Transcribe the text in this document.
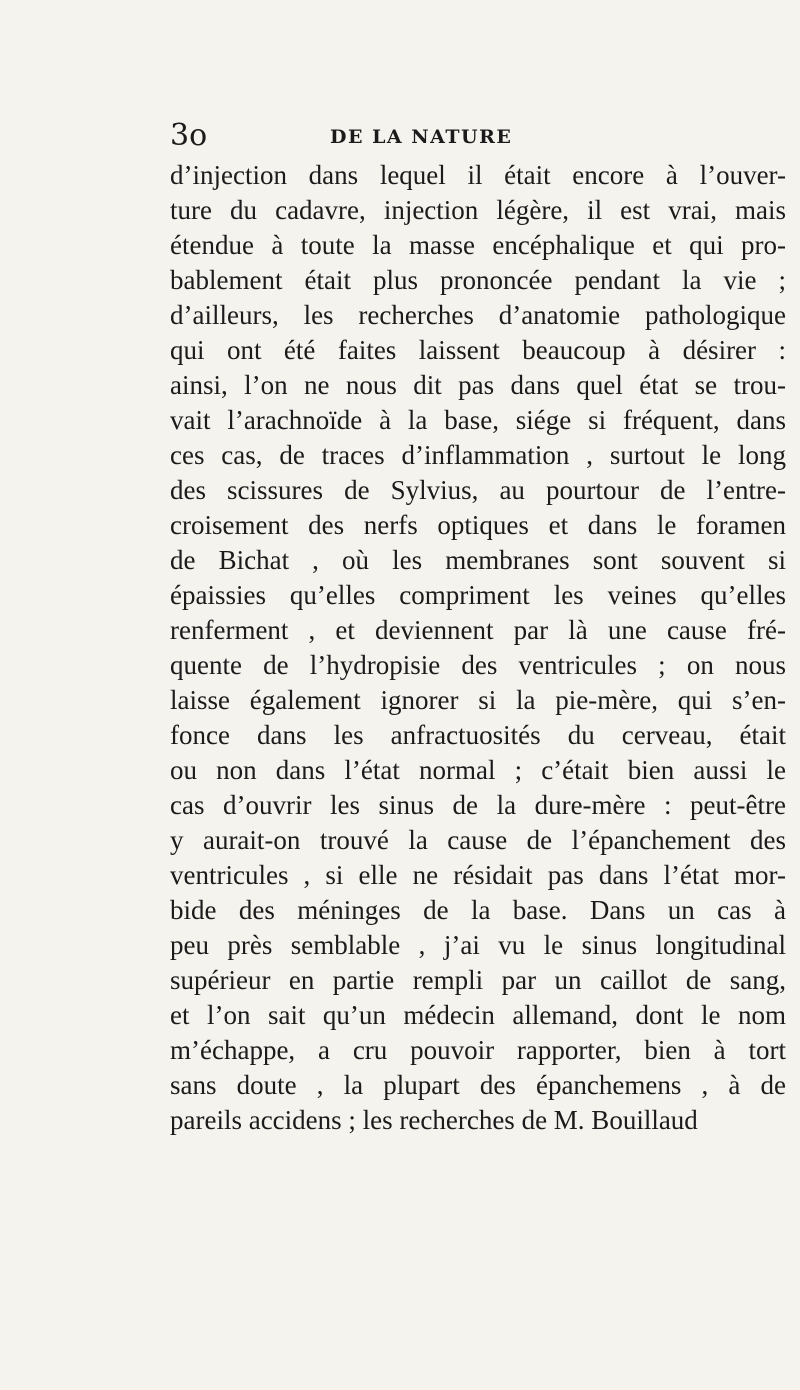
3o	DE LA NATURE
d’injection dans lequel il était encore à l’ouver-
ture du cadavre, injection légère, il est vrai, mais
étendue à toute la masse encéphalique et qui pro-
bablement était plus prononcée pendant la vie ;
d’ailleurs, les recherches d’anatomie pathologique
qui ont été faites laissent beaucoup à désirer :
ainsi, l’on ne nous dit pas dans quel état se trou-
vait l’arachnoïde à la base, siége si fréquent, dans
ces cas, de traces d’inflammation , surtout le long
des scissures de Sylvius, au pourtour de l’entre-
croisement des nerfs optiques et dans le foramen
de Bichat , où les membranes sont souvent si
épaissies qu’elles compriment les veines qu’elles
renferment , et deviennent par là une cause fré-
quente de l’hydropisie des ventricules ; on nous
laisse également ignorer si la pie-mère, qui s’en-
fonce dans les anfractuosités du cerveau, était
ou non dans l’état normal ; c’était bien aussi le
cas d’ouvrir les sinus de la dure-mère : peut-être
y aurait-on trouvé la cause de l’épanchement des
ventricules , si elle ne résidait pas dans l’état mor-
bide des méninges de la base. Dans un cas à
peu près semblable , j’ai vu le sinus longitudinal
supérieur en partie rempli par un caillot de sang,
et l’on sait qu’un médecin allemand, dont le nom
m’échappe, a cru pouvoir rapporter, bien à tort
sans doute , la plupart des épanchemens , à de
pareils accidens ; les recherches de M. Bouillaud
